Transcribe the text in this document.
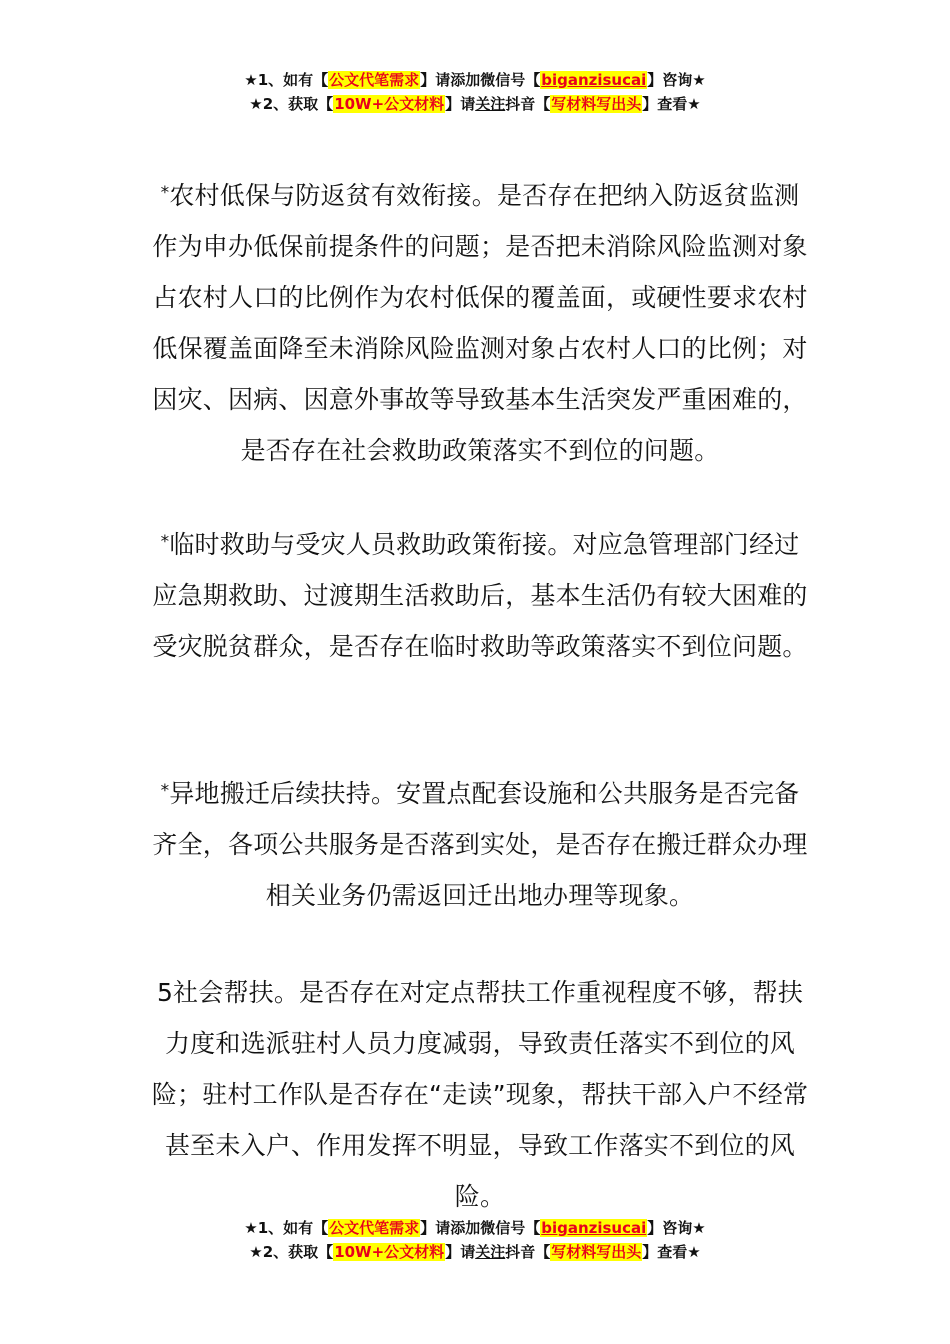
★1、如有【公文代笔需求】请添加微信号【biganzisucai】咨询★
★2、获取【10W+公文材料】请关注抖音【写材料写出头】查看★
*农村低保与防返贫有效衔接。是否存在把纳入防返贫监测作为申办低保前提条件的问题；是否把未消除风险监测对象占农村人口的比例作为农村低保的覆盖面，或硬性要求农村低保覆盖面降至未消除风险监测对象占农村人口的比例；对因灾、因病、因意外事故等导致基本生活突发严重困难的，是否存在社会救助政策落实不到位的问题。
*临时救助与受灾人员救助政策衔接。对应急管理部门经过应急期救助、过渡期生活救助后，基本生活仍有较大困难的受灾脱贫群众，是否存在临时救助等政策落实不到位问题。
*异地搬迁后续扶持。安置点配套设施和公共服务是否完备齐全，各项公共服务是否落到实处，是否存在搬迁群众办理相关业务仍需返回迁出地办理等现象。
5社会帮扶。是否存在对定点帮扶工作重视程度不够，帮扶力度和选派驻村人员力度减弱，导致责任落实不到位的风险；驻村工作队是否存在“走读”现象，帮扶干部入户不经常甚至未入户、作用发挥不明显，导致工作落实不到位的风险。
★1、如有【公文代笔需求】请添加微信号【biganzisucai】咨询★
★2、获取【10W+公文材料】请关注抖音【写材料写出头】查看★
